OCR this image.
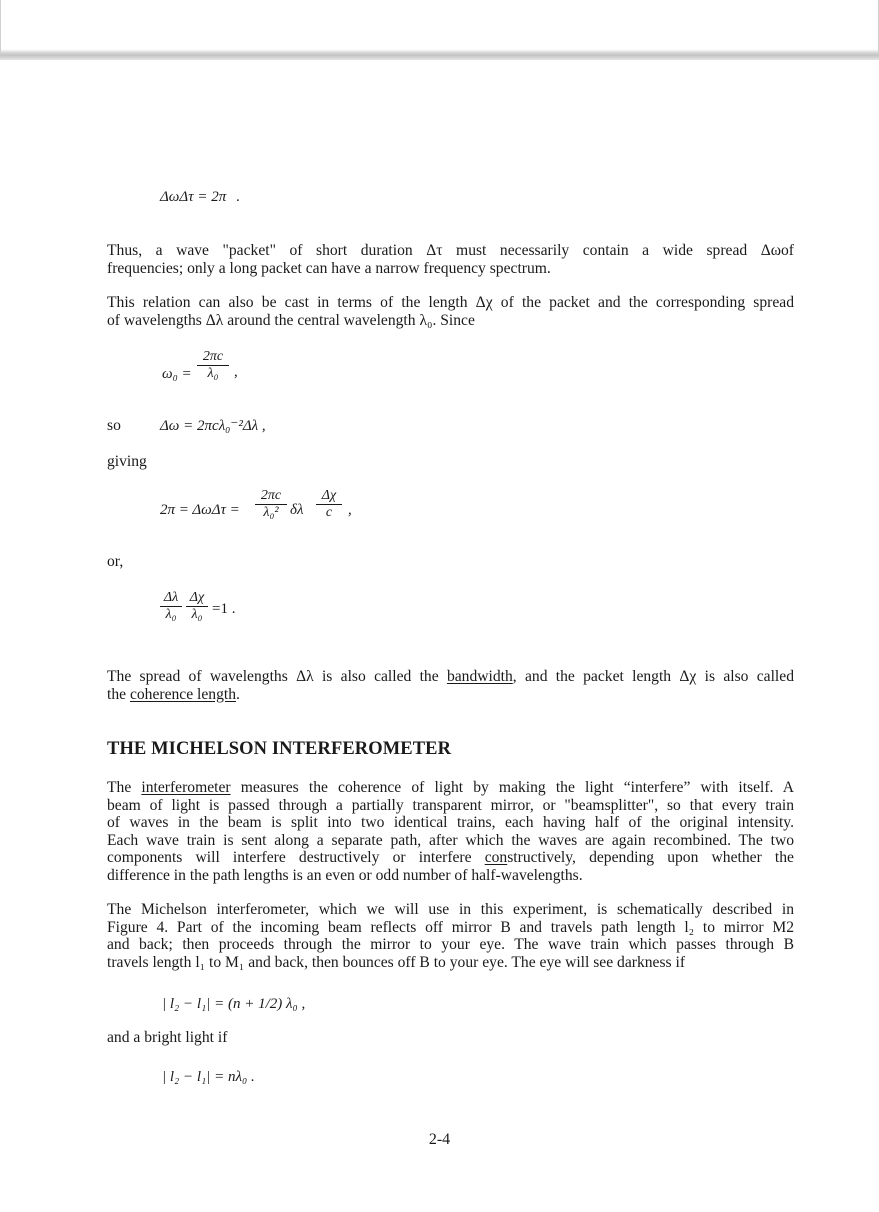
ΔωΔτ = 2π .
Thus, a wave "packet" of short duration Δτ must necessarily contain a wide spread Δωof
frequencies; only a long packet can have a narrow frequency spectrum.
This relation can also be cast in terms of the length Δχ of the packet and the corresponding spread
of wavelengths Δλ around the central wavelength λ₀. Since
$\omega_0 = \frac{2\pi c}{\text{λ₀}}$ ,
so	Δω = 2πcλ₀⁻²Δλ ,
giving
$2\pi = \Delta\omega\Delta\tau = \frac{2\pi c}{\text{λ₀²}}$ δλ $\frac{\Delta\chi}{c}$ ,
or,
$\frac{\Delta\lambda}{\text{λ₀}} \frac{\Delta\chi}{\text{λ₀}} =1$ .
The spread of wavelengths Δλ is also called the bandwidth, and the packet length Δχ is also called
the coherence length.
THE MICHELSON INTERFEROMETER
The interferometer measures the coherence of light by making the light “interfere” with itself. A
beam of light is passed through a partially transparent mirror, or "beamsplitter", so that every train
of waves in the beam is split into two identical trains, each having half of the original intensity.
Each wave train is sent along a separate path, after which the waves are again recombined. The two
components will interfere destructively or interfere constructively, depending upon whether the
difference in the path lengths is an even or odd number of half-wavelengths.
The Michelson interferometer, which we will use in this experiment, is schematically described in
Figure 4. Part of the incoming beam reflects off mirror B and travels path length l₂ to mirror M2
and back; then proceeds through the mirror to your eye. The wave train which passes through B
travels length l₁ to M₁ and back, then bounces off B to your eye. The eye will see darkness if
| l₂ − l₁| = (n + 1/2) λ₀ ,
and a bright light if
| l₂ − l₁| = nλ₀ .
2-4
